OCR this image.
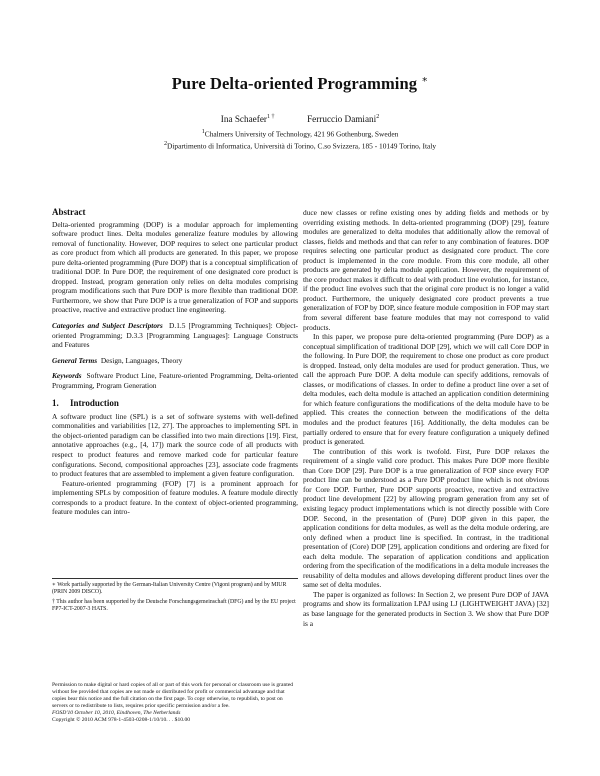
Pure Delta-oriented Programming ∗
Ina Schaefer$^{1 \dagger}$	Ferruccio Damiani$^2$
$^1$Chalmers University of Technology, 421 96 Gothenburg, Sweden
$^2$Dipartimento di Informatica, Università di Torino, C.so Svizzera, 185 - 10149 Torino, Italy
Abstract

Delta-oriented programming (DOP) is a modular approach for implementing software product lines. Delta modules generalize feature modules by allowing removal of functionality. However, DOP requires to select one particular product as core product from which all products are generated. In this paper, we propose pure delta-oriented programming (Pure DOP) that is a conceptual simplification of traditional DOP. In Pure DOP, the requirement of one designated core product is dropped. Instead, program generation only relies on delta modules comprising program modifications such that Pure DOP is more flexible than traditional DOP. Furthermore, we show that Pure DOP is a true generalization of FOP and supports proactive, reactive and extractive product line engineering.

Categories and Subject Descriptors D.1.5 [Programming Techniques]: Object-oriented Programming; D.3.3 [Programming Languages]: Language Constructs and Features

General Terms Design, Languages, Theory

Keywords Software Product Line, Feature-oriented Programming, Delta-oriented Programming, Program Generation

1. Introduction

A software product line (SPL) is a set of software systems with well-defined commonalities and variabilities [12, 27]. The approaches to implementing SPL in the object-oriented paradigm can be classified into two main directions [19]. First, annotative approaches (e.g., [4, 17]) mark the source code of all products with respect to product features and remove marked code for particular feature configurations. Second, compositional approaches [23], associate code fragments to product features that are assembled to implement a given feature configuration.

Feature-oriented programming (FOP) [7] is a prominent approach for implementing SPLs by composition of feature modules. A feature module directly corresponds to a product feature. In the context of object-oriented programming, feature modules can intro-

∗ Work partially supported by the German-Italian University Centre (Vigoni program) and by MIUR (PRIN 2009 DISCO).

† This author has been supported by the Deutsche Forschungsgemeinschaft (DFG) and by the EU project FP7-ICT-2007-3 HATS.

Permission to make digital or hard copies of all or part of this work for personal or classroom use is granted without fee provided that copies are not made or distributed for profit or commercial advantage and that copies bear this notice and the full citation on the first page. To copy otherwise, to republish, to post on servers or to redistribute to lists, requires prior specific permission and/or a fee.

FOSD'10 October 10, 2010, Eindhoven, The Netherlands

Copyright © 2010 ACM 978-1-4503-0208-1/10/10. . . $10.00

duce new classes or refine existing ones by adding fields and methods or by overriding existing methods. In delta-oriented programming (DOP) [29], feature modules are generalized to delta modules that additionally allow the removal of classes, fields and methods and that can refer to any combination of features. DOP requires selecting one particular product as designated core product. The core product is implemented in the core module. From this core module, all other products are generated by delta module application. However, the requirement of the core product makes it difficult to deal with product line evolution, for instance, if the product line evolves such that the original core product is no longer a valid product. Furthermore, the uniquely designated core product prevents a true generalization of FOP by DOP, since feature module composition in FOP may start from several different base feature modules that may not correspond to valid products.

In this paper, we propose pure delta-oriented programming (Pure DOP) as a conceptual simplification of traditional DOP [29], which we will call Core DOP in the following. In Pure DOP, the requirement to chose one product as core product is dropped. Instead, only delta modules are used for product generation. Thus, we call the approach Pure DOP. A delta module can specify additions, removals of classes, or modifications of classes. In order to define a product line over a set of delta modules, each delta module is attached an application condition determining for which feature configurations the modifications of the delta module have to be applied. This creates the connection between the modifications of the delta modules and the product features [16]. Additionally, the delta modules can be partially ordered to ensure that for every feature configuration a uniquely defined product is generated.

The contribution of this work is twofold. First, Pure DOP relaxes the requirement of a single valid core product. This makes Pure DOP more flexible than Core DOP [29]. Pure DOP is a true generalization of FOP since every FOP product line can be understood as a Pure DOP product line which is not obvious for Core DOP. Further, Pure DOP supports proactive, reactive and extractive product line development [22] by allowing program generation from any set of existing legacy product implementations which is not directly possible with Core DOP. Second, in the presentation of (Pure) DOP given in this paper, the application conditions for delta modules, as well as the delta module ordering, are only defined when a product line is specified. In contrast, in the traditional presentation of (Core) DOP [29], application conditions and ordering are fixed for each delta module. The separation of application conditions and application ordering from the specification of the modifications in a delta module increases the reusability of delta modules and allows developing different product lines over the same set of delta modules.

The paper is organized as follows: In Section 2, we present Pure DOP of JAVA programs and show its formalization LPΔJ using LJ (LIGHTWEIGHT JAVA) [32] as base language for the generated products in Section 3. We show that Pure DOP is a
